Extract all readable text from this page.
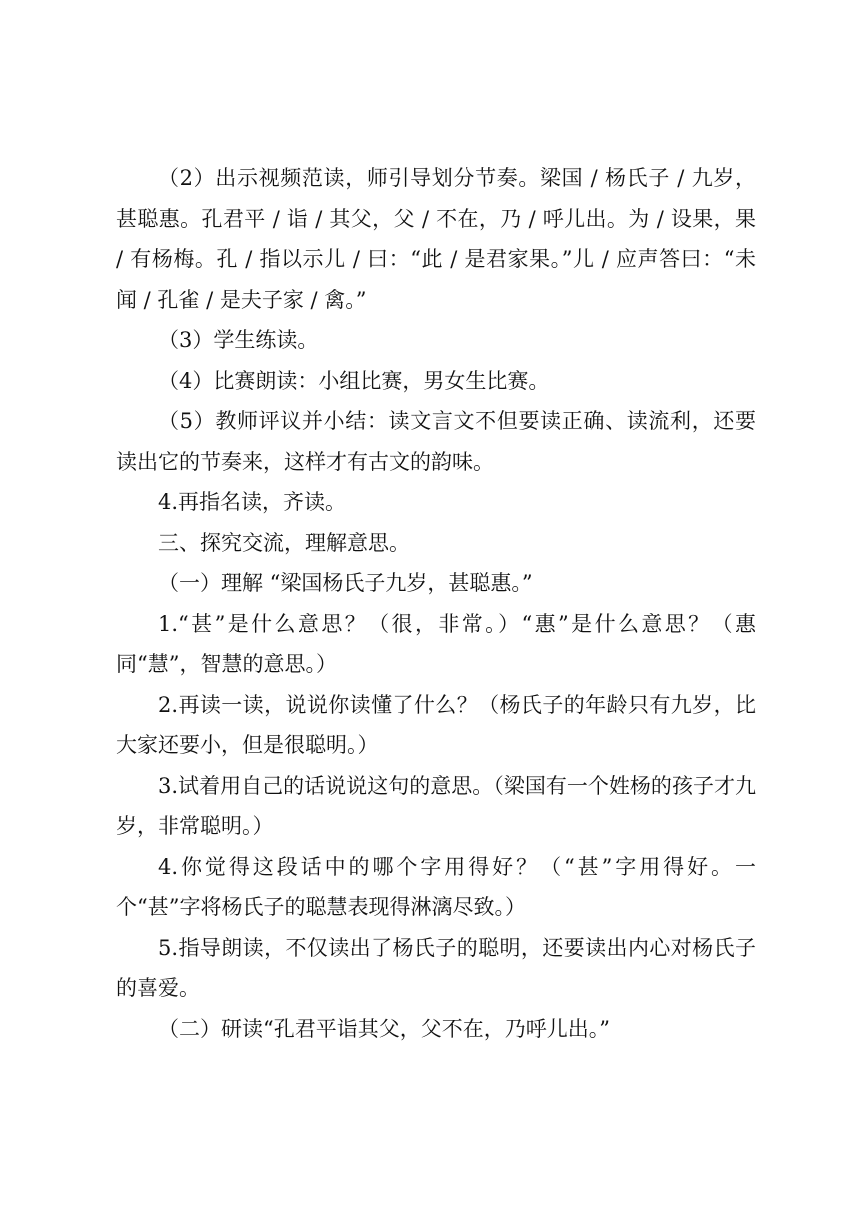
（2）出示视频范读，师引导划分节奏。梁国 / 杨氏子 / 九岁，甚聪惠。孔君平 / 诣 / 其父，父 / 不在，乃 / 呼儿出。为 / 设果，果 / 有杨梅。孔 / 指以示儿 / 曰：“此 / 是君家果。”儿 / 应声答曰：“未闻 / 孔雀 / 是夫子家 / 禽。”

（3）学生练读。

（4）比赛朗读：小组比赛，男女生比赛。

（5）教师评议并小结：读文言文不但要读正确、读流利，还要读出它的节奏来，这样才有古文的韵味。

4.再指名读，齐读。

三、探究交流，理解意思。

（一）理解 “梁国杨氏子九岁，甚聪惠。”

1.“甚”是什么意思？（很，非常。）“惠”是什么意思？（惠同“慧”，智慧的意思。）

2.再读一读，说说你读懂了什么？（杨氏子的年龄只有九岁，比大家还要小，但是很聪明。）

3.试着用自己的话说说这句的意思。（梁国有一个姓杨的孩子才九岁，非常聪明。）

4.你觉得这段话中的哪个字用得好？（“甚”字用得好。一个“甚”字将杨氏子的聪慧表现得淋漓尽致。）

5.指导朗读，不仅读出了杨氏子的聪明，还要读出内心对杨氏子的喜爱。

（二）研读“孔君平诣其父，父不在，乃呼儿出。”
